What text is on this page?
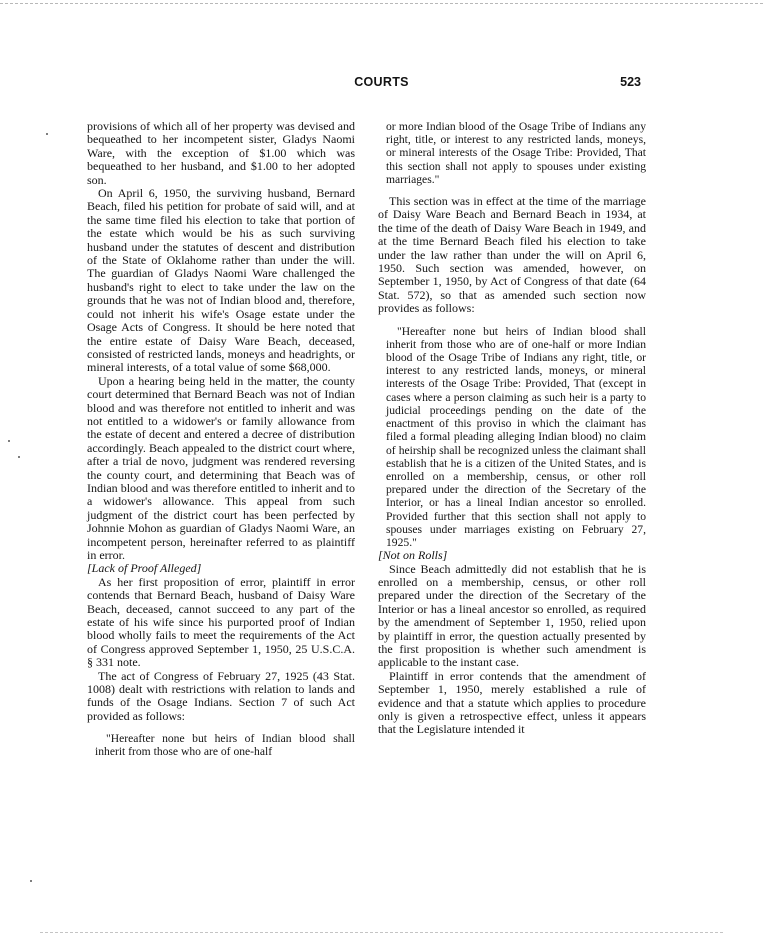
COURTS	523

provisions of which all of her property was devised and bequeathed to her incompetent sister, Gladys Naomi Ware, with the exception of $1.00 which was bequeathed to her husband, and $1.00 to her adopted son.

On April 6, 1950, the surviving husband, Bernard Beach, filed his petition for probate of said will, and at the same time filed his election to take that portion of the estate which would be his as such surviving husband under the statutes of descent and distribution of the State of Oklahome rather than under the will. The guardian of Gladys Naomi Ware challenged the husband's right to elect to take under the law on the grounds that he was not of Indian blood and, therefore, could not inherit his wife's Osage estate under the Osage Acts of Congress. It should be here noted that the entire estate of Daisy Ware Beach, deceased, consisted of restricted lands, moneys and headrights, or mineral interests, of a total value of some $68,000.

Upon a hearing being held in the matter, the county court determined that Bernard Beach was not of Indian blood and was therefore not entitled to inherit and was not entitled to a widower's or family allowance from the estate of decent and entered a decree of distribution accordingly. Beach appealed to the district court where, after a trial de novo, judgment was rendered reversing the county court, and determining that Beach was of Indian blood and was therefore entitled to inherit and to a widower's allowance. This appeal from such judgment of the district court has been perfected by Johnnie Mohon as guardian of Gladys Naomi Ware, an incompetent person, hereinafter referred to as plaintiff in error.

[Lack of Proof Alleged]

As her first proposition of error, plaintiff in error contends that Bernard Beach, husband of Daisy Ware Beach, deceased, cannot succeed to any part of the estate of his wife since his purported proof of Indian blood wholly fails to meet the requirements of the Act of Congress approved September 1, 1950, 25 U.S.C.A. § 331 note.

The act of Congress of February 27, 1925 (43 Stat. 1008) dealt with restrictions with relation to lands and funds of the Osage Indians. Section 7 of such Act provided as follows:

"Hereafter none but heirs of Indian blood shall inherit from those who are of one-half

or more Indian blood of the Osage Tribe of Indians any right, title, or interest to any restricted lands, moneys, or mineral interests of the Osage Tribe: Provided, That this section shall not apply to spouses under existing marriages."

This section was in effect at the time of the marriage of Daisy Ware Beach and Bernard Beach in 1934, at the time of the death of Daisy Ware Beach in 1949, and at the time Bernard Beach filed his election to take under the law rather than under the will on April 6, 1950. Such section was amended, however, on September 1, 1950, by Act of Congress of that date (64 Stat. 572), so that as amended such section now provides as follows:

"Hereafter none but heirs of Indian blood shall inherit from those who are of one-half or more Indian blood of the Osage Tribe of Indians any right, title, or interest to any restricted lands, moneys, or mineral interests of the Osage Tribe: Provided, That (except in cases where a person claiming as such heir is a party to judicial proceedings pending on the date of the enactment of this proviso in which the claimant has filed a formal pleading alleging Indian blood) no claim of heirship shall be recognized unless the claimant shall establish that he is a citizen of the United States, and is enrolled on a membership, census, or other roll prepared under the direction of the Secretary of the Interior, or has a lineal Indian ancestor so enrolled. Provided further that this section shall not apply to spouses under marriages existing on February 27, 1925."

[Not on Rolls]

Since Beach admittedly did not establish that he is enrolled on a membership, census, or other roll prepared under the direction of the Secretary of the Interior or has a lineal ancestor so enrolled, as required by the amendment of September 1, 1950, relied upon by plaintiff in error, the question actually presented by the first proposition is whether such amendment is applicable to the instant case.

Plaintiff in error contends that the amendment of September 1, 1950, merely established a rule of evidence and that a statute which applies to procedure only is given a retrospective effect, unless it appears that the Legislature intended it
